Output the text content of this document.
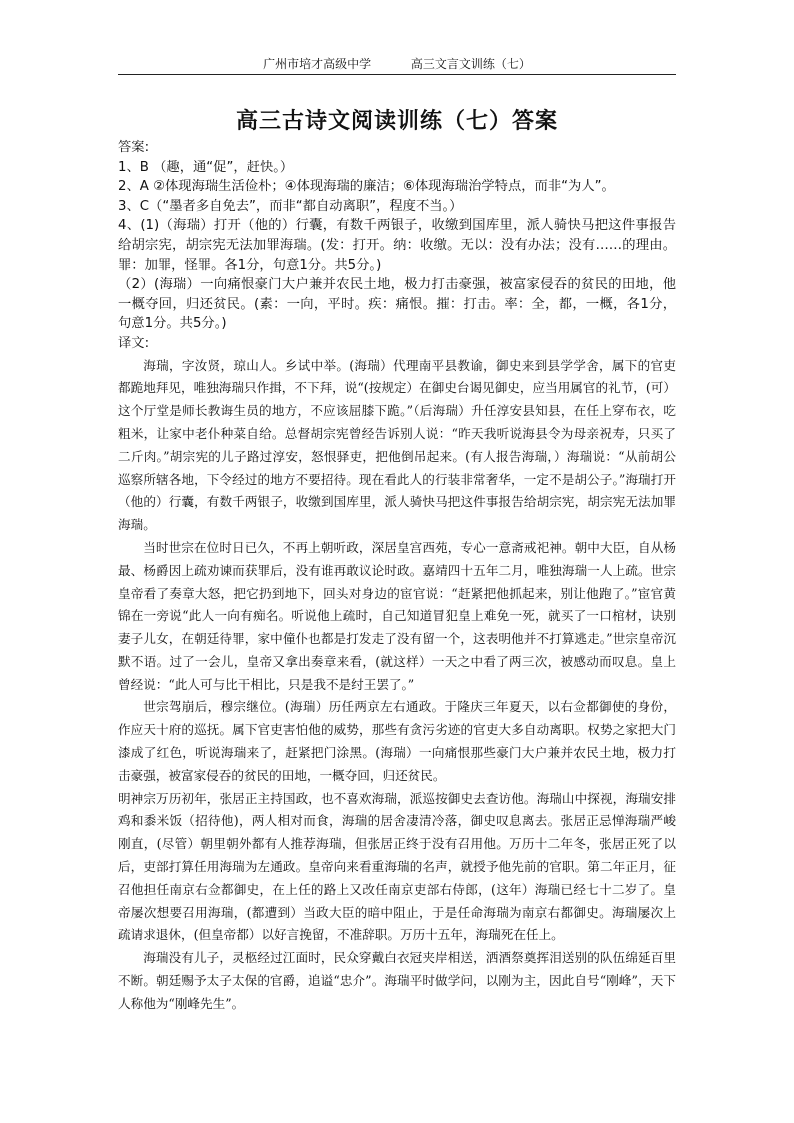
广州市培才高级中学	高三文言文训练（七）
高三古诗文阅读训练（七）答案

答案:

1、B （趣，通“促”，赶快。）

2、A ②体现海瑞生活俭朴；④体现海瑞的廉洁；⑥体现海瑞治学特点，而非“为人”。

3、C（“墨者多自免去”，而非“都自动离职”，程度不当。）

4、(1)（海瑞）打开（他的）行囊，有数千两银子，收缴到国库里，派人骑快马把这件事报告给胡宗宪，胡宗宪无法加罪海瑞。(发：打开。纳：收缴。无以：没有办法；没有……的理由。罪：加罪，怪罪。各1分，句意1分。共5分。)

（2）(海瑞）一向痛恨豪门大户兼并农民土地，极力打击豪强，被富家侵吞的贫民的田地，他一概夺回，归还贫民。(素：一向，平时。疾：痛恨。摧：打击。率：全，都，一概，各1分，句意1分。共5分。)

译文:

海瑞，字汝贤，琼山人。乡试中举。(海瑞）代理南平县教谕，御史来到县学学舍，属下的官吏都跪地拜见，唯独海瑞只作揖，不下拜，说“(按规定）在御史台谒见御史，应当用属官的礼节，(可）这个厅堂是师长教诲生员的地方，不应该屈膝下跪。”（后海瑞）升任淳安县知县，在任上穿布衣，吃粗米，让家中老仆种菜自给。总督胡宗宪曾经告诉别人说：“昨天我听说海县令为母亲祝寿，只买了二斤肉。”胡宗宪的儿子路过淳安，怒恨驿吏，把他倒吊起来。(有人报告海瑞，）海瑞说：“从前胡公巡察所辖各地，下令经过的地方不要招待。现在看此人的行装非常奢华，一定不是胡公子。”海瑞打开（他的）行囊，有数千两银子，收缴到国库里，派人骑快马把这件事报告给胡宗宪，胡宗宪无法加罪海瑞。

当时世宗在位时日已久，不再上朝听政，深居皇宫西苑，专心一意斋戒祀神。朝中大臣，自从杨最、杨爵因上疏劝谏而获罪后，没有谁再敢议论时政。嘉靖四十五年二月，唯独海瑞一人上疏。世宗皇帝看了奏章大怒，把它扔到地下，回头对身边的宦官说：“赶紧把他抓起来，别让他跑了。”宦官黄锦在一旁说“此人一向有痴名。听说他上疏时，自己知道冒犯皇上难免一死，就买了一口棺材，诀别妻子儿女，在朝廷待罪，家中僮仆也都是打发走了没有留一个，这表明他并不打算逃走。”世宗皇帝沉默不语。过了一会儿，皇帝又拿出奏章来看，(就这样）一天之中看了两三次，被感动而叹息。皇上曾经说：“此人可与比干相比，只是我不是纣王罢了。”

世宗驾崩后，穆宗继位。(海瑞）历任两京左右通政。于隆庆三年夏天，以右佥都御使的身份，作应天十府的巡抚。属下官吏害怕他的威势，那些有贪污劣迹的官吏大多自动离职。权势之家把大门漆成了红色，听说海瑞来了，赶紧把门涂黑。(海瑞）一向痛恨那些豪门大户兼并农民土地，极力打击豪强，被富家侵吞的贫民的田地，一概夺回，归还贫民。

明神宗万历初年，张居正主持国政，也不喜欢海瑞，派巡按御史去查访他。海瑞山中探视，海瑞安排鸡和黍米饭（招待他)，两人相对而食，海瑞的居舍凄清冷落，御史叹息离去。张居正忌惮海瑞严峻刚直，(尽管）朝里朝外都有人推荐海瑞，但张居正终于没有召用他。万历十二年冬，张居正死了以后，吏部打算任用海瑞为左通政。皇帝向来看重海瑞的名声，就授予他先前的官职。第二年正月，征召他担任南京右佥都御史，在上任的路上又改任南京吏部右侍郎，(这年）海瑞已经七十二岁了。皇帝屡次想要召用海瑞，(都遭到）当政大臣的暗中阻止，于是任命海瑞为南京右都御史。海瑞屡次上疏请求退休，(但皇帝都）以好言挽留，不准辞职。万历十五年，海瑞死在任上。

海瑞没有儿子，灵柩经过江面时，民众穿戴白衣冠夹岸相送，洒酒祭奠挥泪送别的队伍绵延百里不断。朝廷赐予太子太保的官爵，追谥“忠介”。海瑞平时做学问，以刚为主，因此自号“刚峰”，天下人称他为“刚峰先生”。
